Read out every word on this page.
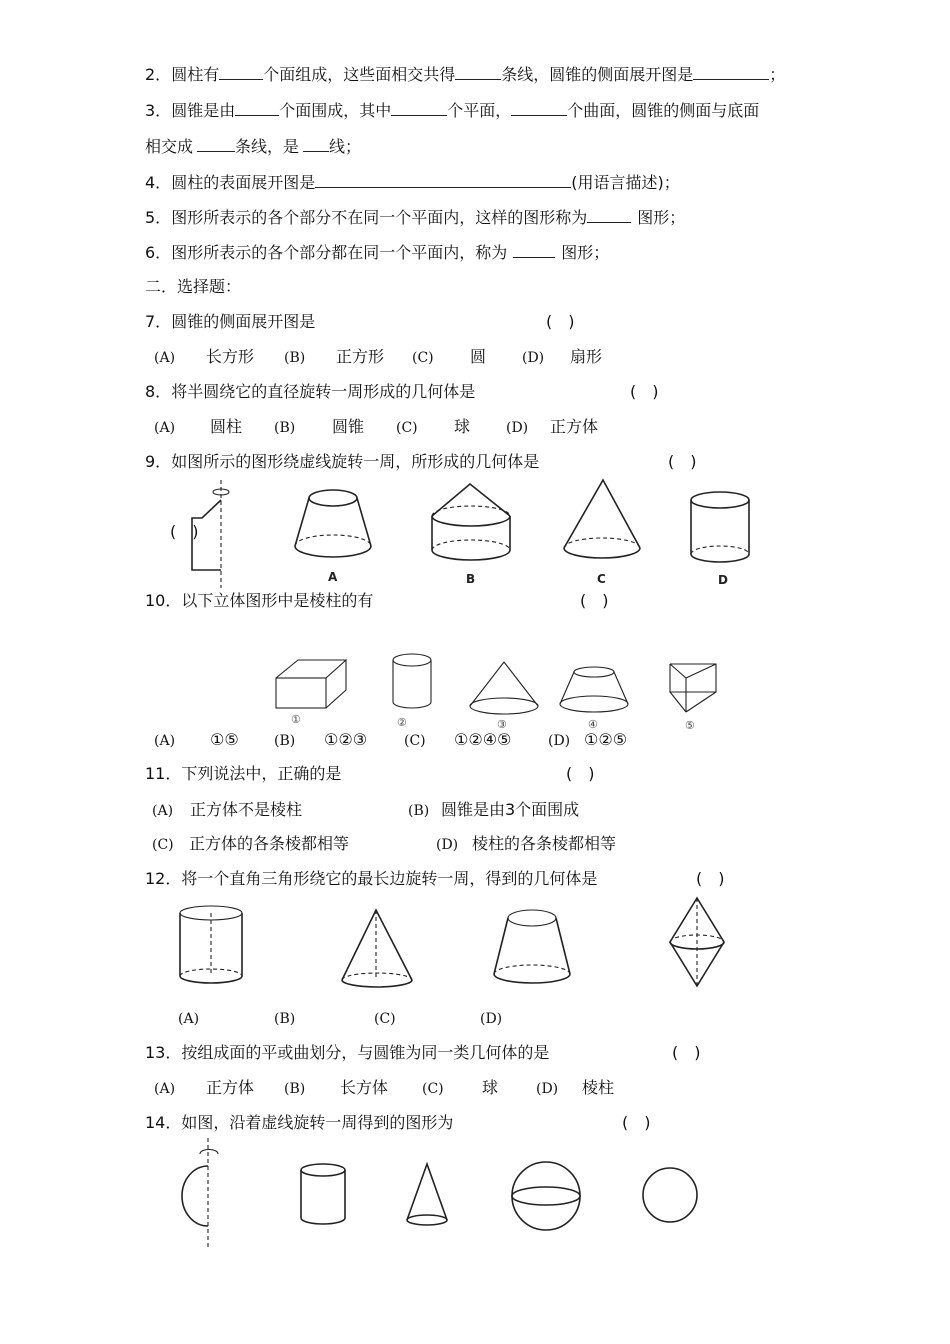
2．圆柱有	个面组成，这些面相交共得	条线，圆锥的侧面展开图是	；
3．圆锥是由	个面围成，其中	个平面，	个曲面，圆锥的侧面与底面
相交成	条线，是 线；
4．圆柱的表面展开图是	(用语言描述)；
5．图形所表示的各个部分不在同一个平面内，这样的图形称为	图形；
6．图形所表示的各个部分都在同一个平面内，称为	图形；
二．选择题：
7．圆锥的侧面展开图是	(　)
(A) 长方形 (B) 正方形 (C) 圆	(D) 扇形
8．将半圆绕它的直径旋转一周形成的几何体是	(　)
(A) 圆柱 (B) 圆锥 (C) 球	(D) 正方体
9．如图所示的图形绕虚线旋转一周，所形成的几何体是	(　)
(　)
A	B	C	D
10．以下立体图形中是棱柱的有	(　)
①	②	③	④	⑤
(A) ①⑤	(B) ①②③	(C) ①②④⑤	(D) ①②⑤
11．下列说法中，正确的是	(　)
(A) 正方体不是棱柱	(B) 圆锥是由3个面围成
(C) 正方体的各条棱都相等	(D) 棱柱的各条棱都相等
12．将一个直角三角形绕它的最长边旋转一周，得到的几何体是	(　)
(A)	(B)	(C)	(D)
13．按组成面的平或曲划分，与圆锥为同一类几何体的是	(　)
(A) 正方体 (B) 长方体 (C) 球	(D) 棱柱
14．如图，沿着虚线旋转一周得到的图形为	(　)
